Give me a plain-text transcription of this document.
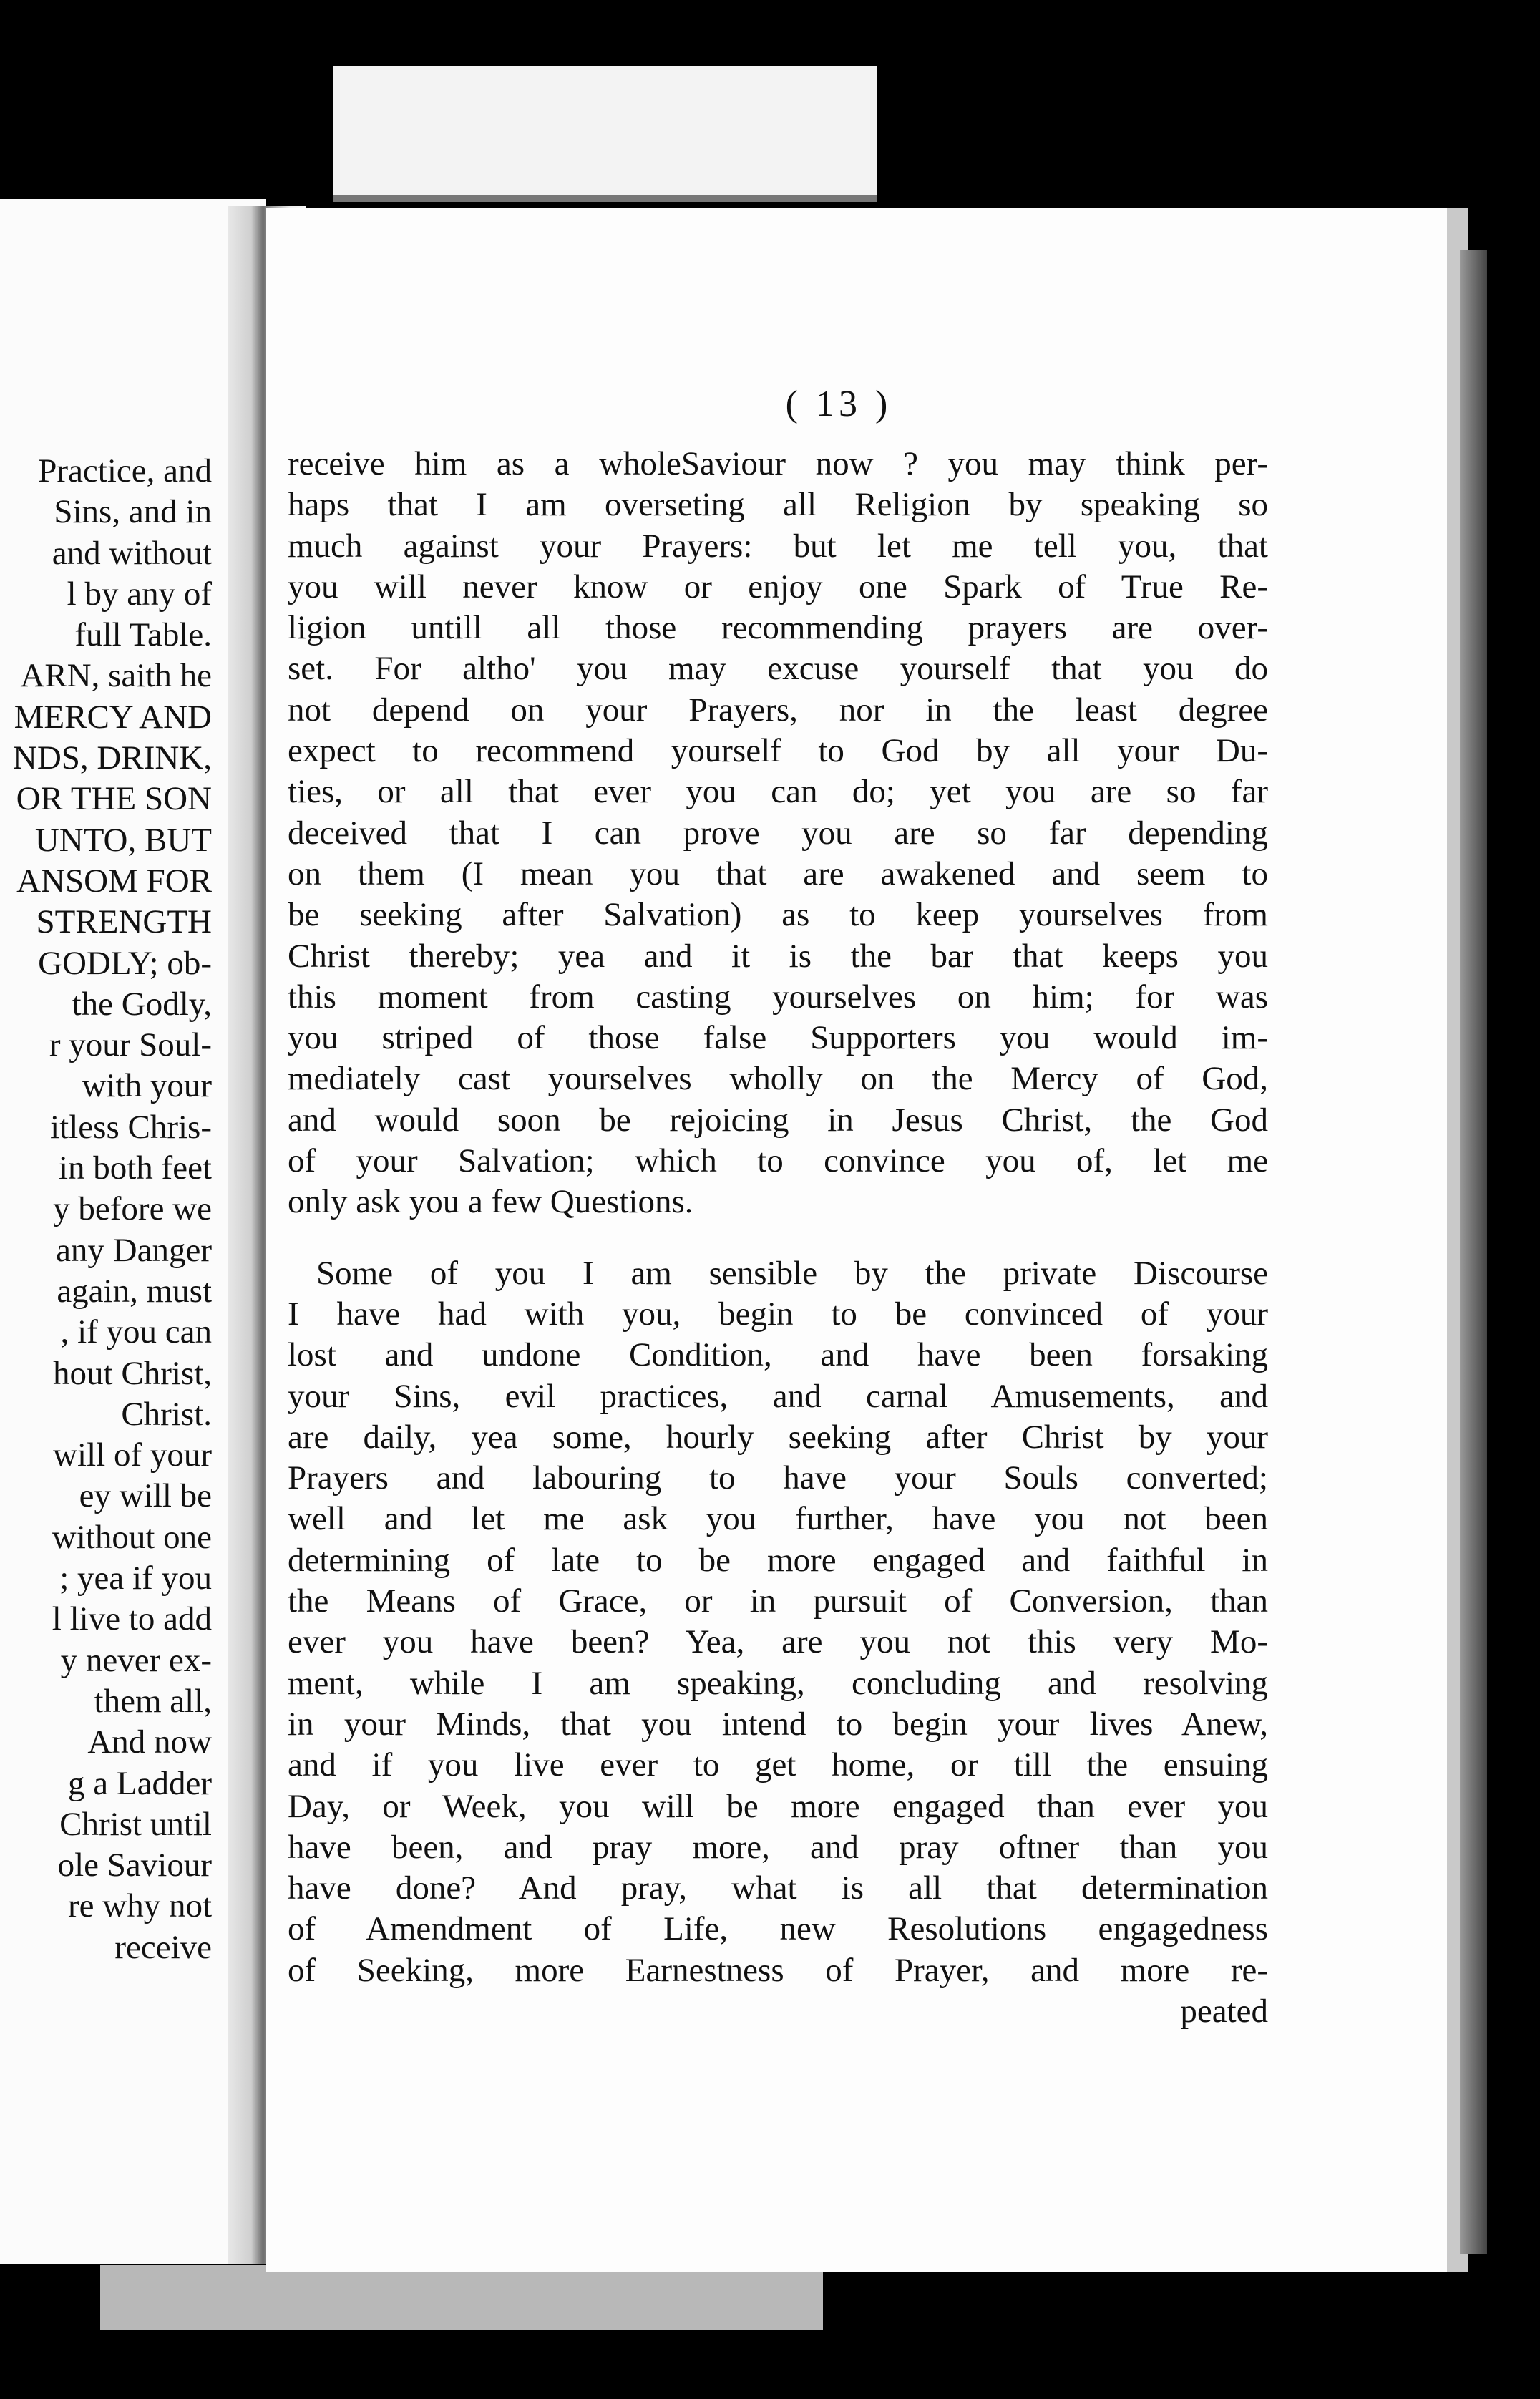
Practice, and
Sins, and in
and without
l by any of
full Table.
ARN, saith he
MERCY AND
NDS, DRINK,
OR THE SON
UNTO, BUT
ANSOM FOR
STRENGTH
GODLY; ob-
the Godly,
r your Soul-
with your
itless Chris-
in both feet
y before we
any Danger
again, must
, if you can
hout Christ,
Christ.
will of your
ey will be
without one
; yea if you
l live to add
y never ex-
them all,
And now
g a Ladder
Christ until
ole Saviour
re why not
receive
( 13 )
receive him as a wholeSaviour now ? you may think per-
haps that I am overseting all Religion by speaking so
much against your Prayers: but let me tell you, that
you will never know or enjoy one Spark of True Re-
ligion untill all those recommending prayers are over-
set. For altho' you may excuse yourself that you do
not depend on your Prayers, nor in the least degree
expect to recommend yourself to God by all your Du-
ties, or all that ever you can do; yet you are so far
deceived that I can prove you are so far depending
on them (I mean you that are awakened and seem to
be seeking after Salvation) as to keep yourselves from
Christ thereby; yea and it is the bar that keeps you
this moment from casting yourselves on him; for was
you striped of those false Supporters you would im-
mediately cast yourselves wholly on the Mercy of God,
and would soon be rejoicing in Jesus Christ, the God
of your Salvation; which to convince you of, let me
only ask you a few Questions.
Some of you I am sensible by the private Discourse
I have had with you, begin to be convinced of your
lost and undone Condition, and have been forsaking
your Sins, evil practices, and carnal Amusements, and
are daily, yea some, hourly seeking after Christ by your
Prayers and labouring to have your Souls converted;
well and let me ask you further, have you not been
determining of late to be more engaged and faithful in
the Means of Grace, or in pursuit of Conversion, than
ever you have been? Yea, are you not this very Mo-
ment, while I am speaking, concluding and resolving
in your Minds, that you intend to begin your lives Anew,
and if you live ever to get home, or till the ensuing
Day, or Week, you will be more engaged than ever you
have been, and pray more, and pray oftner than you
have done? And pray, what is all that determination
of Amendment of Life, new Resolutions engagedness
of Seeking, more Earnestness of Prayer, and more re-
peated
